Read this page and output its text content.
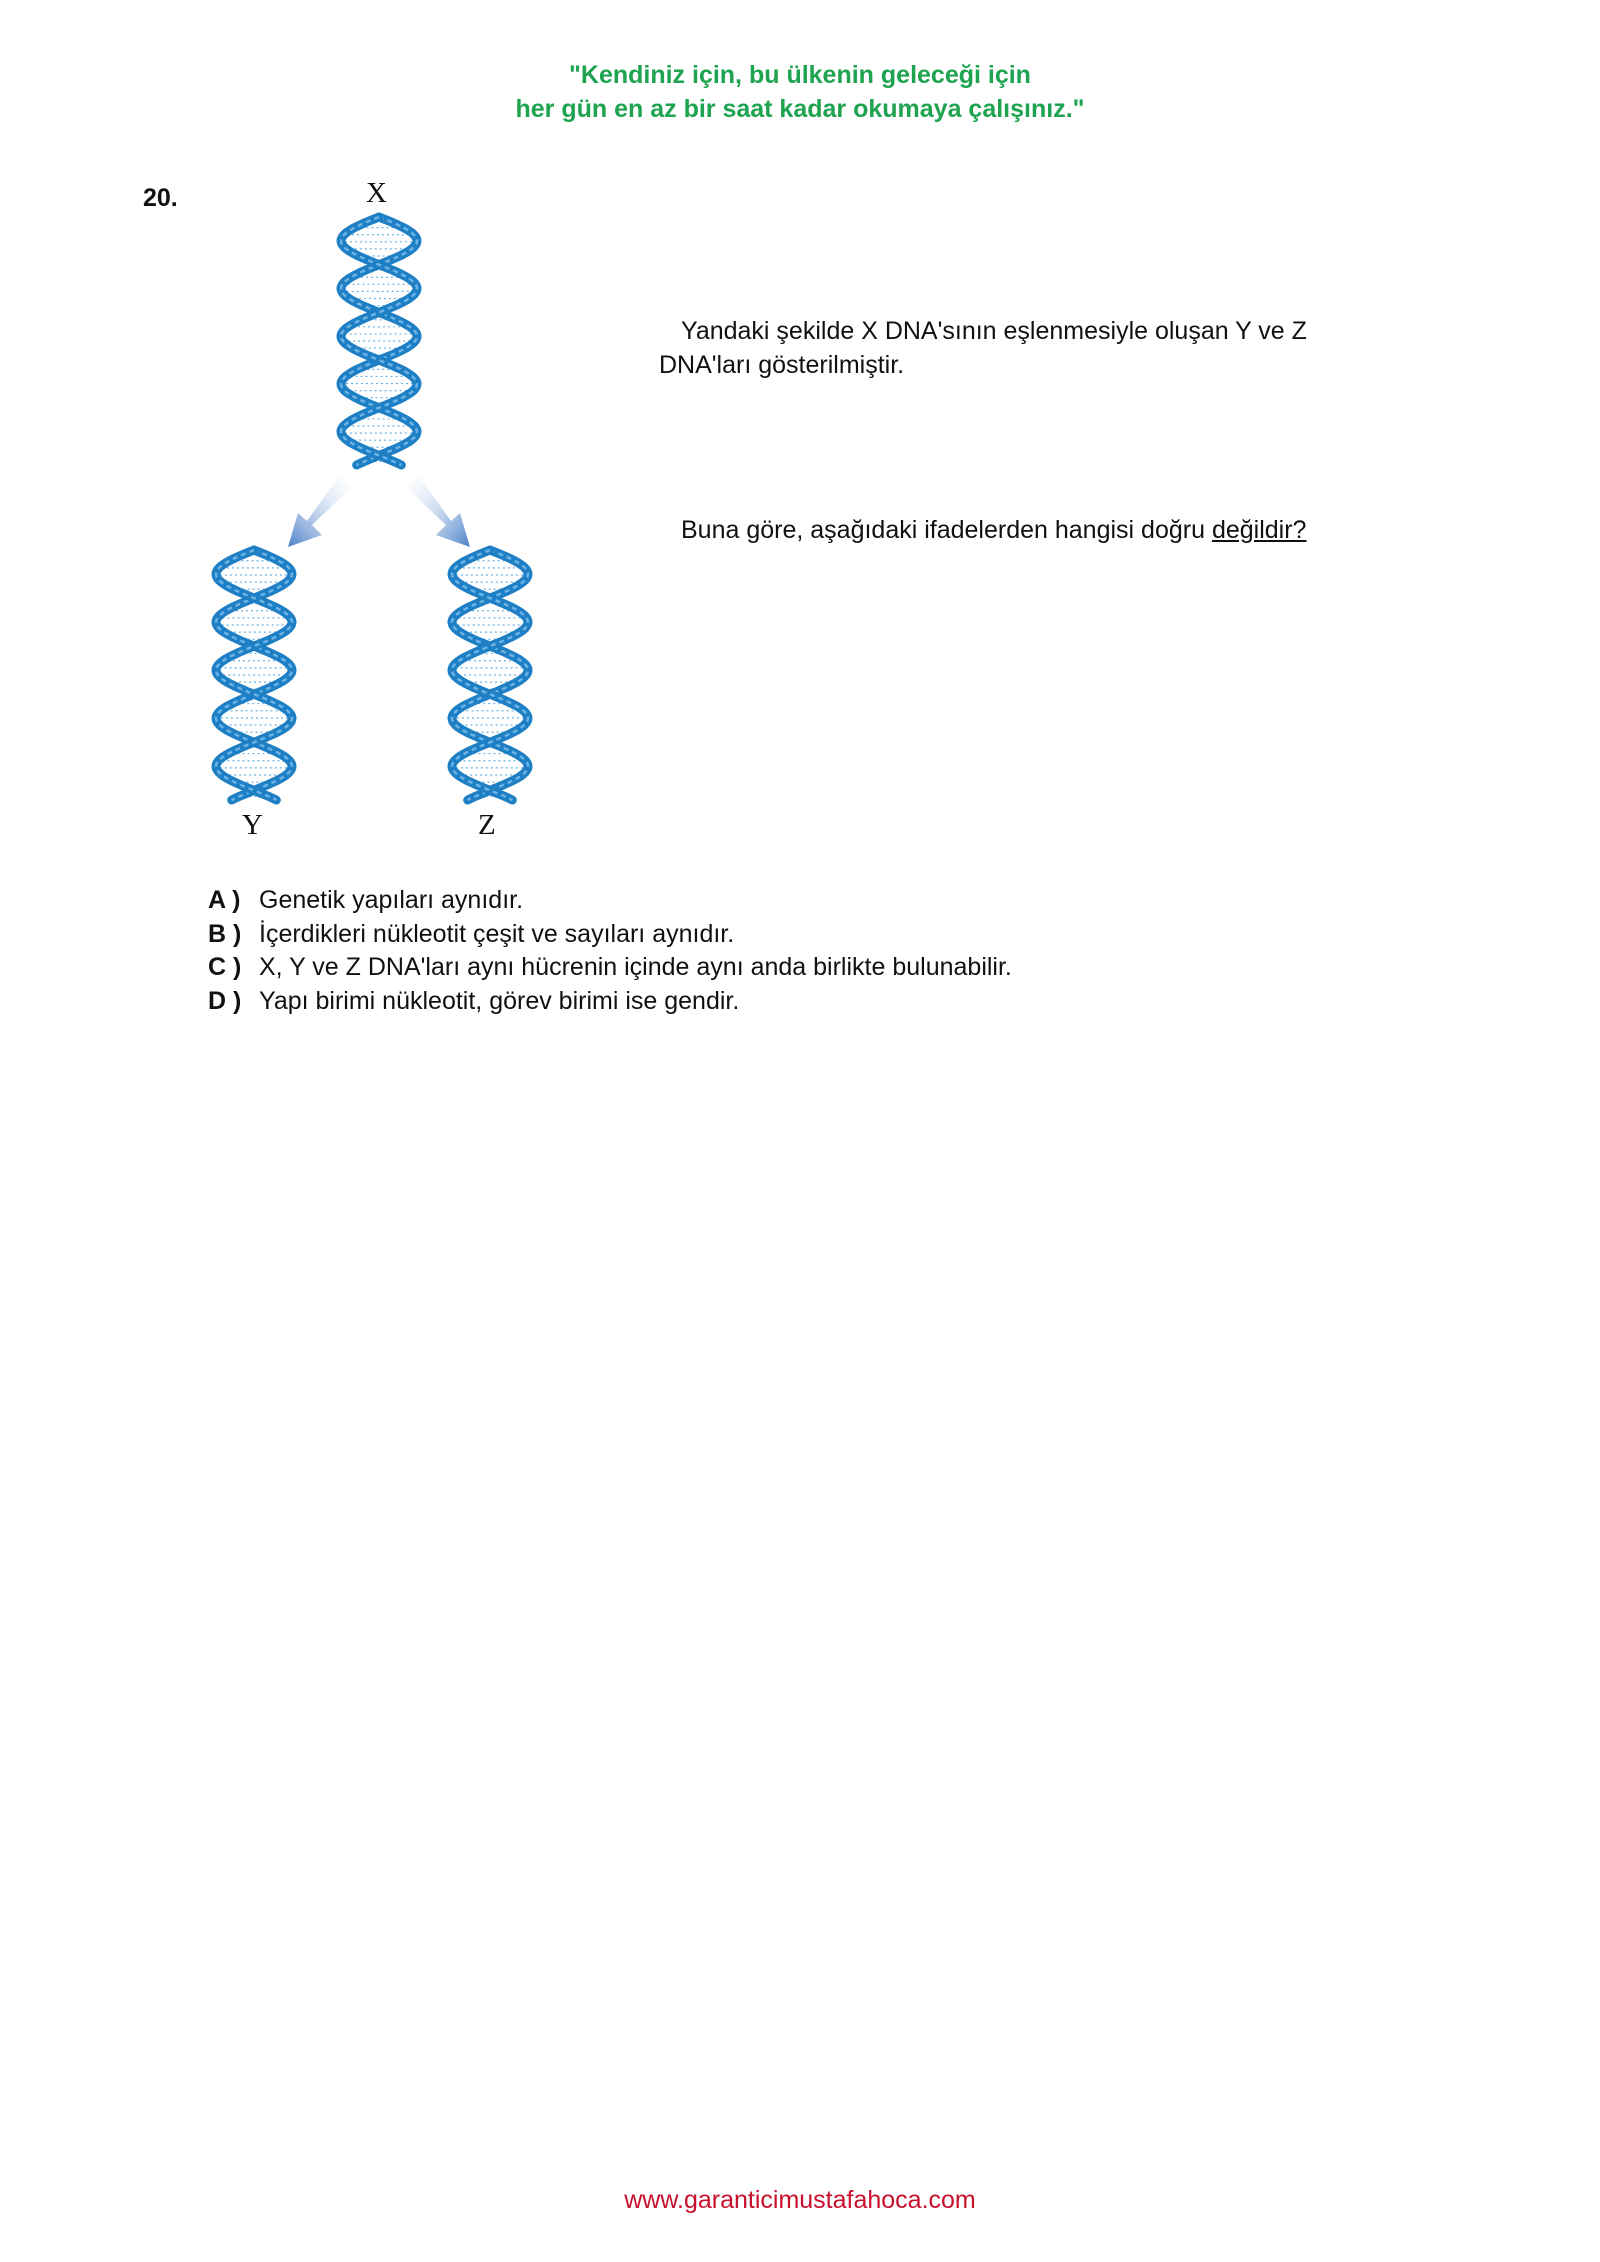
"Kendiniz için, bu ülkenin geleceği için
her gün en az bir saat kadar okumaya çalışınız."
20.	X
Y	Z
Yandaki şekilde X DNA'sının eşlenmesiyle oluşan Y ve Z DNA'ları gösterilmiştir.
Buna göre, aşağıdaki ifadelerden hangisi doğru değildir?
A ) Genetik yapıları aynıdır.
B ) İçerdikleri nükleotit çeşit ve sayıları aynıdır.
C ) X, Y ve Z DNA'ları aynı hücrenin içinde aynı anda birlikte bulunabilir.
D ) Yapı birimi nükleotit, görev birimi ise gendir.
www.garanticimustafahoca.com
